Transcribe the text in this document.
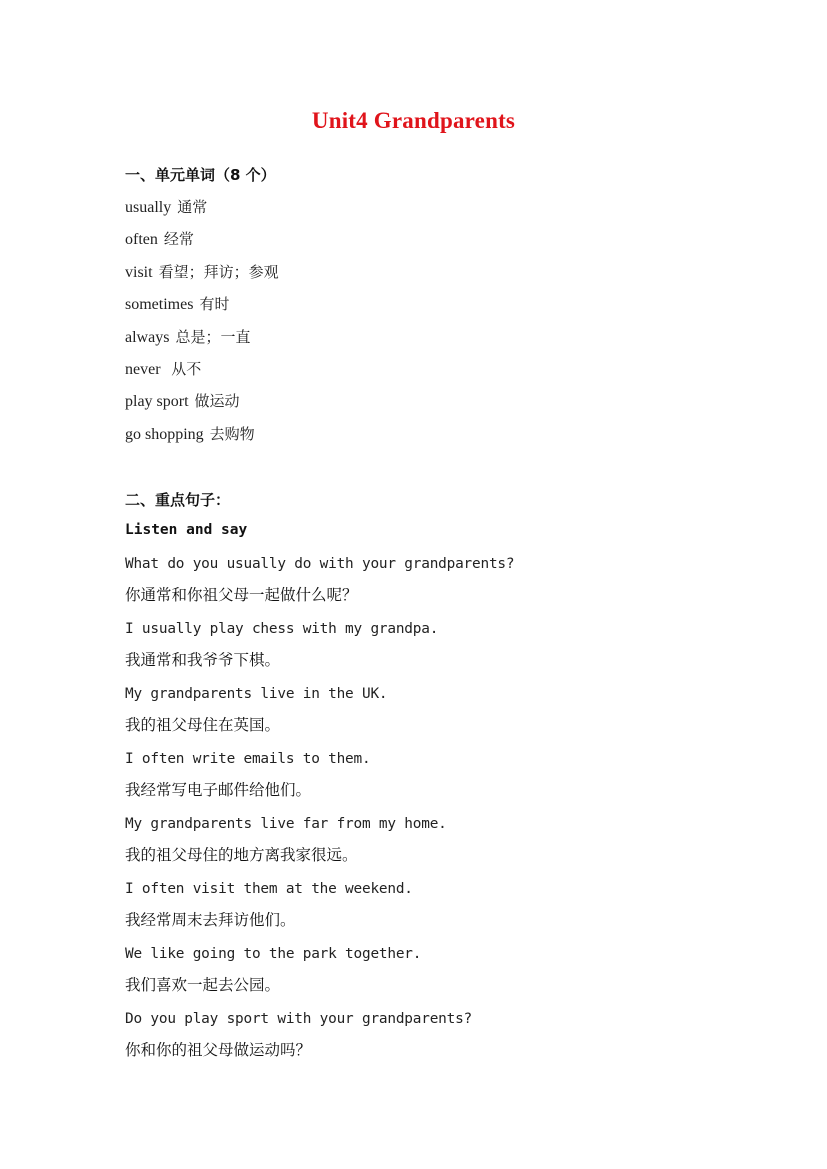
Unit4 Grandparents
一、单元单词（8 个）
usually 通常
often 经常
visit 看望；拜访；参观
sometimes 有时
always 总是；一直
never 从不
play sport 做运动
go shopping 去购物
二、重点句子：
Listen and say
What do you usually do with your grandparents?
你通常和你祖父母一起做什么呢？
I usually play chess with my grandpa.
我通常和我爷爷下棋。
My grandparents live in the UK.
我的祖父母住在英国。
I often write emails to them.
我经常写电子邮件给他们。
My grandparents live far from my home.
我的祖父母住的地方离我家很远。
I often visit them at the weekend.
我经常周末去拜访他们。
We like going to the park together.
我们喜欢一起去公园。
Do you play sport with your grandparents?
你和你的祖父母做运动吗？
